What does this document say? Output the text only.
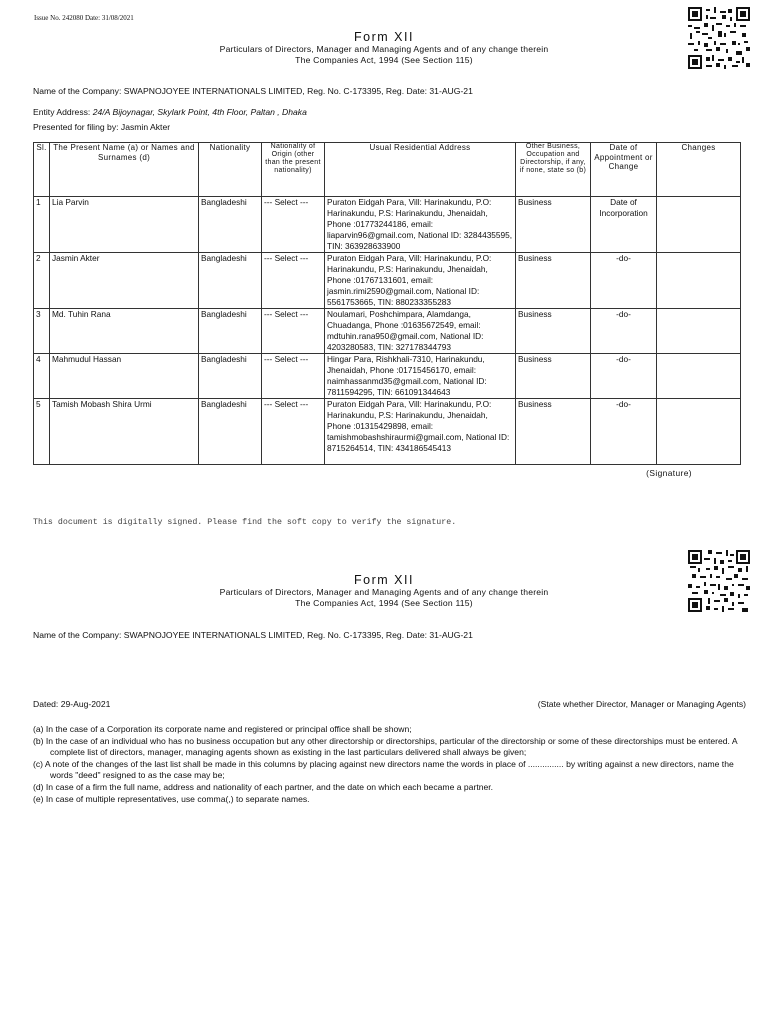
Issue No. 242080 Date: 31/08/2021
Form XII
Particulars of Directors, Manager and Managing Agents and of any change therein
The Companies Act, 1994 (See Section 115)
Name of the Company: SWAPNOJOYEE INTERNATIONALS LIMITED, Reg. No. C-173395, Reg. Date: 31-AUG-21
Entity Address: 24/A Bijoynagar, Skylark Point, 4th Floor, Paltan , Dhaka
Presented for filing by: Jasmin Akter
Sl.	The Present Name (a) or Names and Surnames (d)	Nationality	Nationality of Origin (other than the present nationality)	Usual Residential Address	Other Business, Occupation and Directorship, if any, if none, state so (b)	Date of Appointment or Change	Changes
1	Lia Parvin	Bangladeshi	--- Select ---	Puraton Eidgah Para, Vill: Harinakundu, P.O: Harinakundu, P.S: Harinakundu, Jhenaidah, Phone :01773244186, email: liaparvin96@gmail.com, National ID: 3284435595, TIN: 363928633900	Business	Date of Incorporation	
2	Jasmin Akter	Bangladeshi	--- Select ---	Puraton Eidgah Para, Vill: Harinakundu, P.O: Harinakundu, P.S: Harinakundu, Jhenaidah, Phone :01767131601, email: jasmin.rimi2590@gmail.com, National ID: 5561753665, TIN: 880233355283	Business	-do-	
3	Md. Tuhin Rana	Bangladeshi	--- Select ---	Noulamari, Poshchimpara, Alamdanga, Chuadanga, Phone :01635672549, email: mdtuhin.rana950@gmail.com, National ID: 4203280583, TIN: 327178344793	Business	-do-	
4	Mahmudul Hassan	Bangladeshi	--- Select ---	Hingar Para, Rishkhali-7310, Harinakundu, Jhenaidah, Phone :01715456170, email: naimhassanmd35@gmail.com, National ID: 7811594295, TIN: 661091344643	Business	-do-	
5	Tamish Mobash Shira Urmi	Bangladeshi	--- Select ---	Puraton Eidgah Para, Vill: Harinakundu, P.O: Harinakundu, P.S: Harinakundu, Jhenaidah, Phone :01315429898, email: tamishmobashshiraurmi@gmail.com, National ID: 8715264514, TIN: 434186545413	Business	-do-	
(Signature)
This document is digitally signed. Please find the soft copy to verify the signature.
Form XII
Particulars of Directors, Manager and Managing Agents and of any change therein
The Companies Act, 1994 (See Section 115)
Name of the Company: SWAPNOJOYEE INTERNATIONALS LIMITED, Reg. No. C-173395, Reg. Date: 31-AUG-21
Dated: 29-Aug-2021	(State whether Director, Manager or Managing Agents)
(a) In the case of a Corporation its corporate name and registered or principal office shall be shown;
(b) In the case of an individual who has no business occupation but any other directorship or directorships, particular of the directorship or some of these directorships must be entered. A complete list of directors, manager, managing agents shown as existing in the last particulars delivered shall always be given;
(c) A note of the changes of the last list shall be made in this columns by placing against new directors name the words in place of ............... by writing against a new directors, name the words "deed" resigned to as the case may be;
(d) In case of a firm the full name, address and nationality of each partner, and the date on which each became a partner.
(e) In case of multiple representatives, use comma(,) to separate names.
